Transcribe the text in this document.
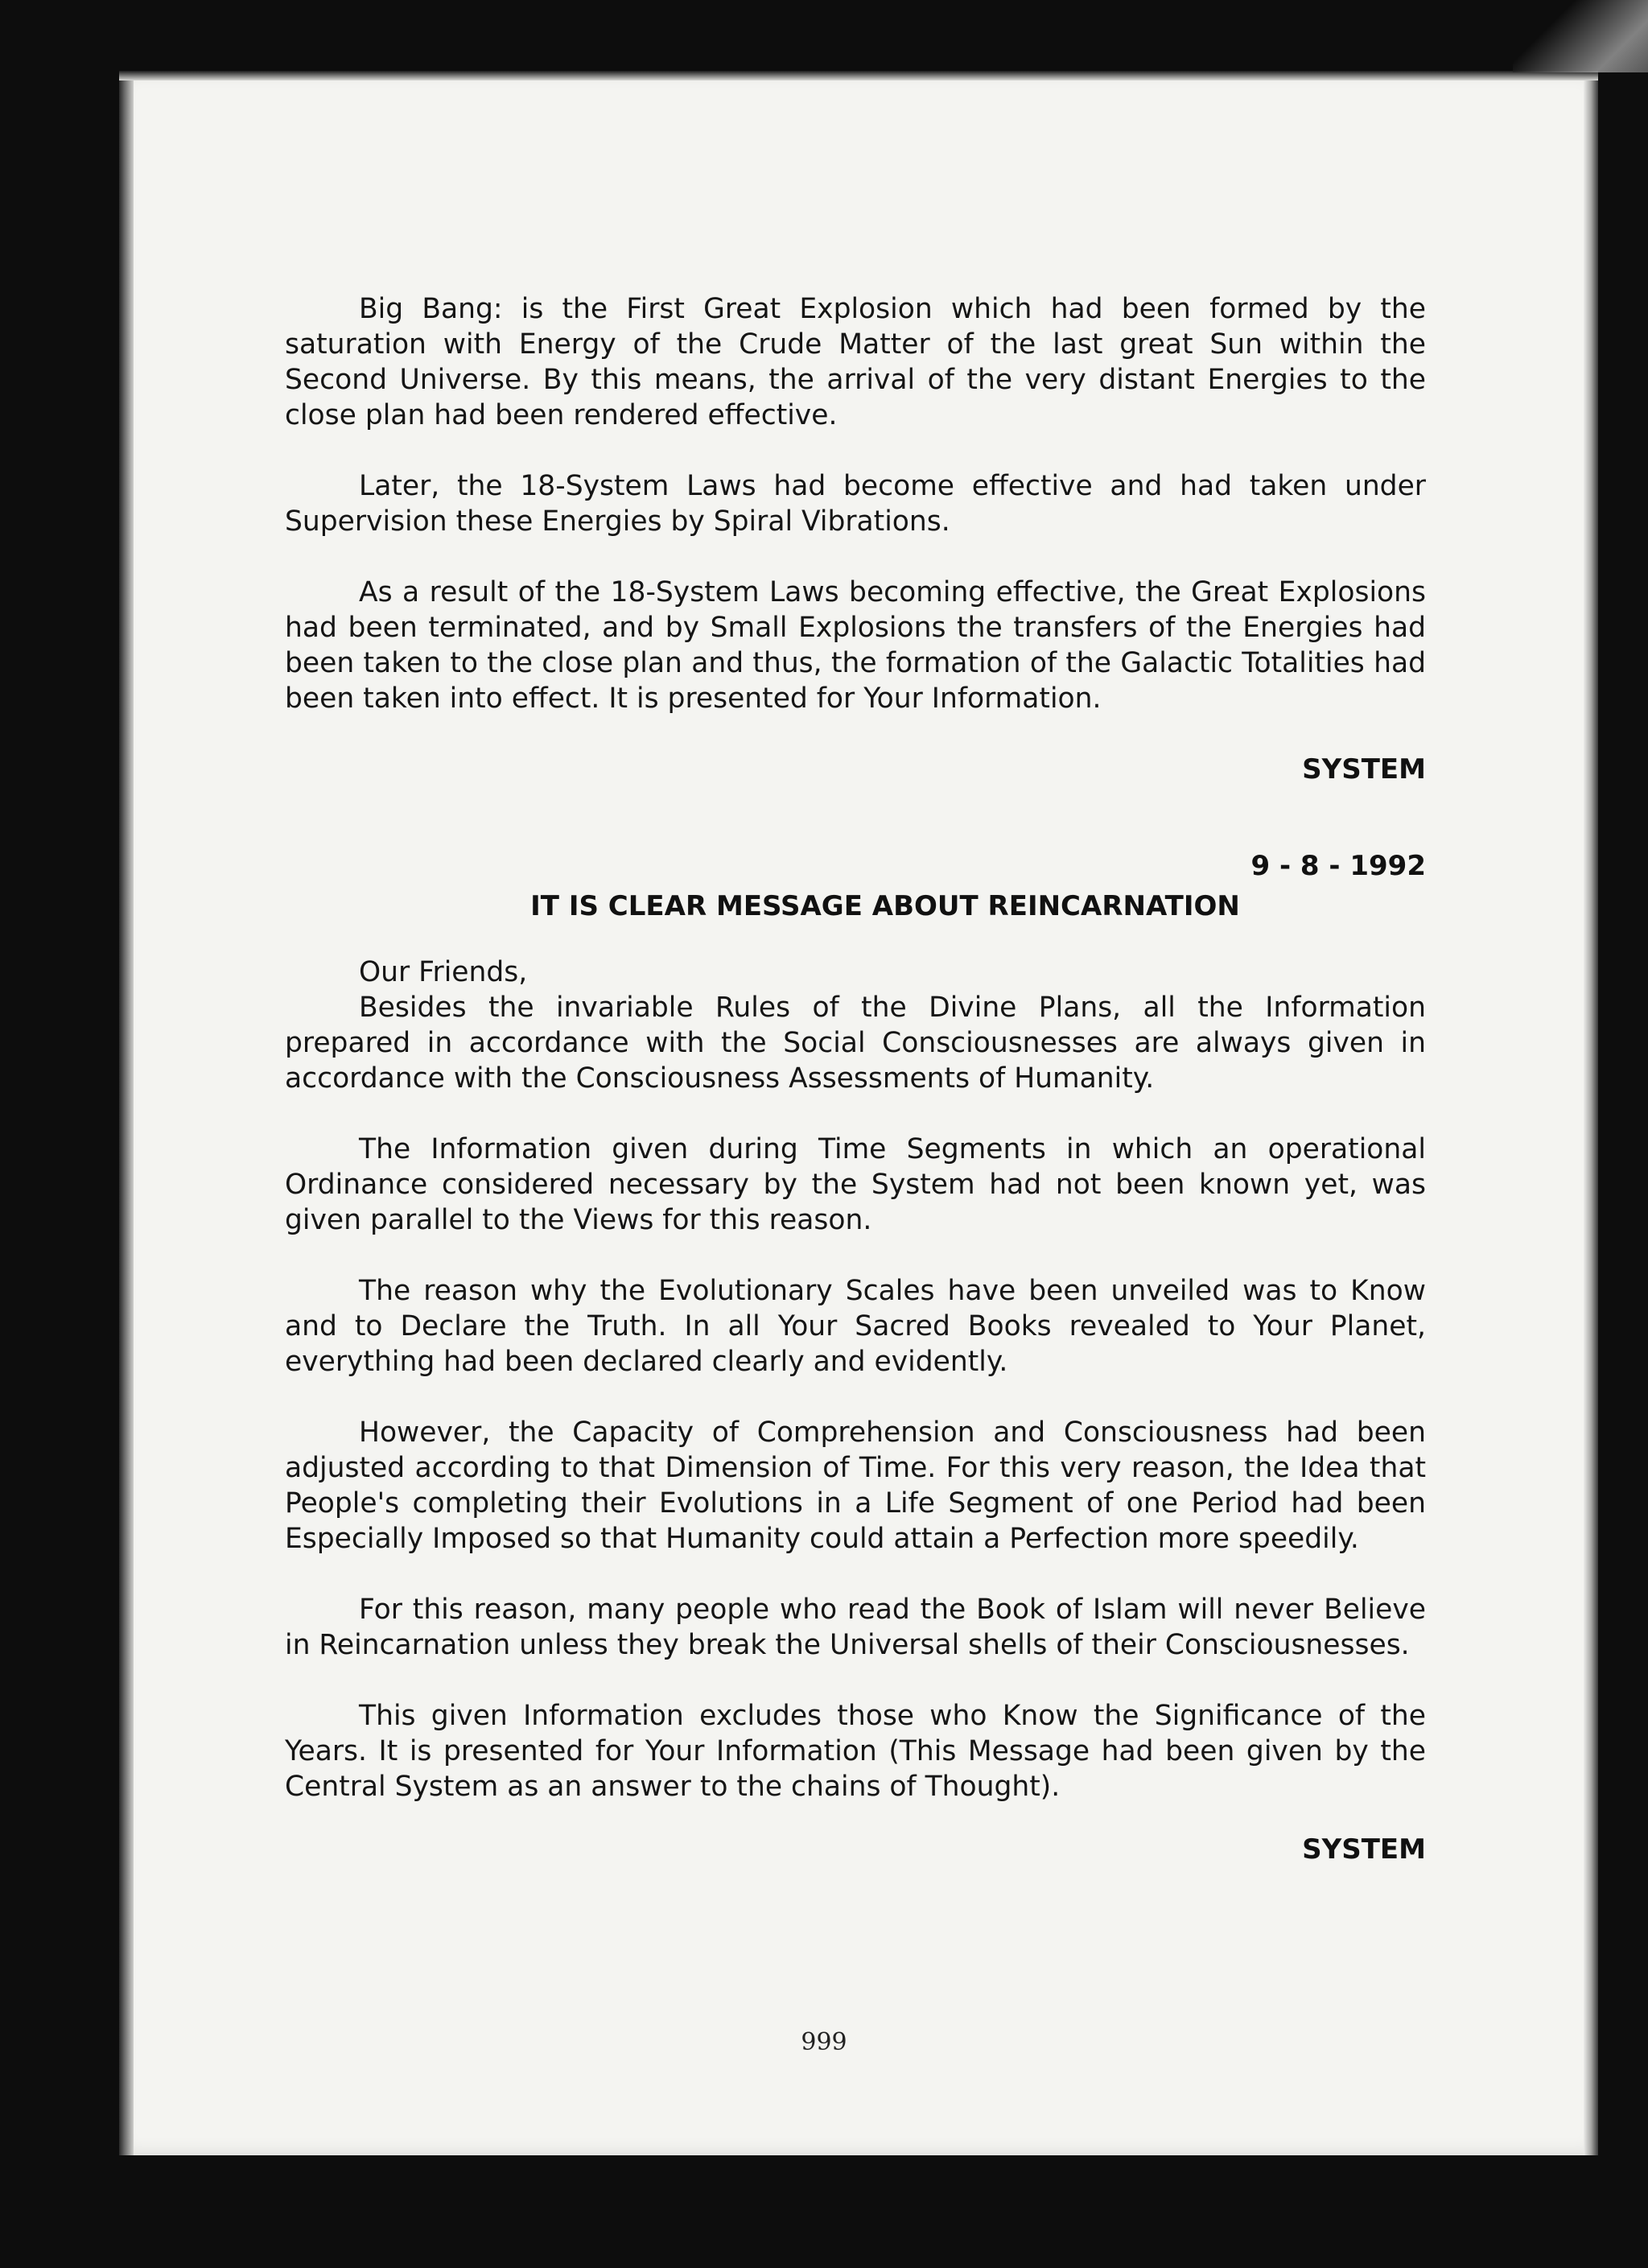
Big Bang: is the First Great Explosion which had been formed by the saturation with Energy of the Crude Matter of the last great Sun within the Second Universe. By this means, the arrival of the very distant Energies to the close plan had been rendered effective.

Later, the 18-System Laws had become effective and had taken under Supervision these Energies by Spiral Vibrations.

As a result of the 18-System Laws becoming effective, the Great Explosions had been terminated, and by Small Explosions the transfers of the Energies had been taken to the close plan and thus, the formation of the Galactic Totalities had been taken into effect. It is presented for Your Information.

SYSTEM
9 - 8 - 1992
IT IS CLEAR MESSAGE ABOUT REINCARNATION

Our Friends,

Besides the invariable Rules of the Divine Plans, all the Information prepared in accordance with the Social Consciousnesses are always given in accordance with the Consciousness Assessments of Humanity.

The Information given during Time Segments in which an operational Ordinance considered necessary by the System had not been known yet, was given parallel to the Views for this reason.

The reason why the Evolutionary Scales have been unveiled was to Know and to Declare the Truth. In all Your Sacred Books revealed to Your Planet, everything had been declared clearly and evidently.

However, the Capacity of Comprehension and Consciousness had been adjusted according to that Dimension of Time. For this very reason, the Idea that People's completing their Evolutions in a Life Segment of one Period had been Especially Imposed so that Humanity could attain a Perfection more speedily.

For this reason, many people who read the Book of Islam will never Believe in Reincarnation unless they break the Universal shells of their Consciousnesses.

This given Information excludes those who Know the Significance of the Years. It is presented for Your Information (This Message had been given by the Central System as an answer to the chains of Thought).

SYSTEM
999
